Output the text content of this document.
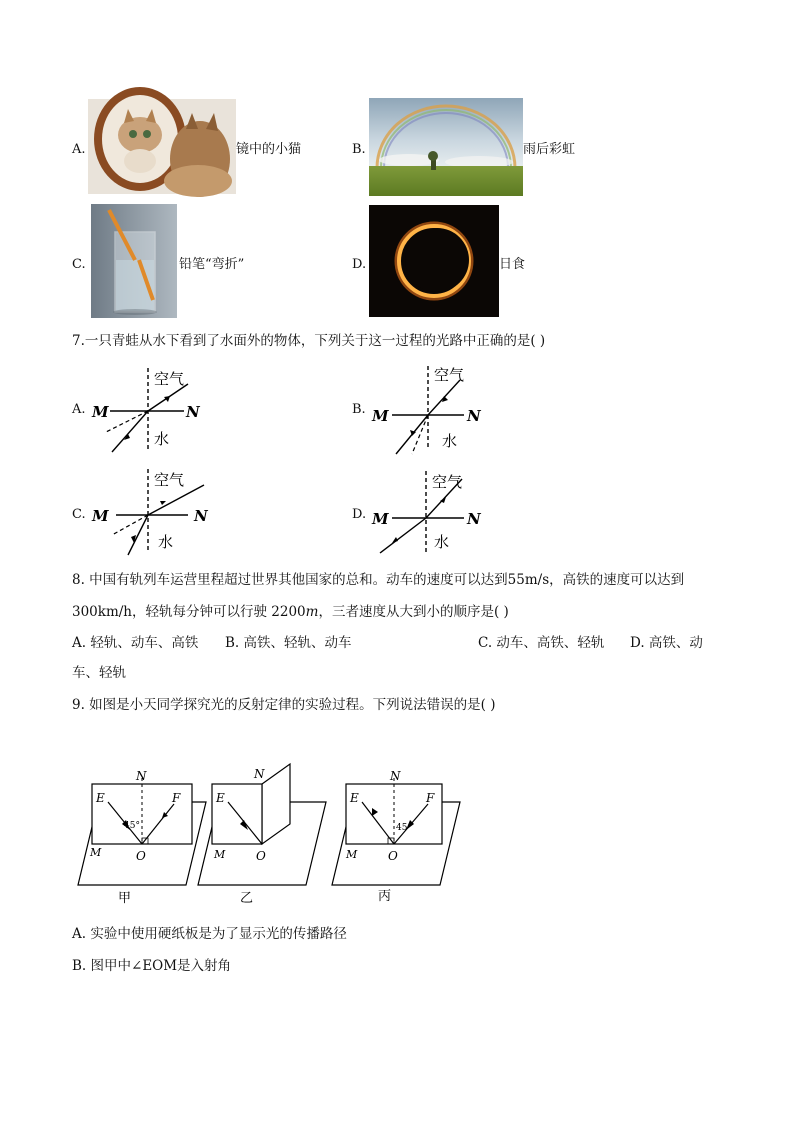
A.	镜中的小猫	B.	雨后彩虹
C.	铅笔“弯折”	D.	日食
7.一只青蛙从水下看到了水面外的物体，下列关于这一过程的光路中正确的是( )
A. M	N
空气
水
B. M	N
空气
水
C. M	N
空气
水
D. M	N
空气
水
8. 中国有轨列车运营里程超过世界其他国家的总和。动车的速度可以达到55m/s，高铁的速度可以达到
300km/h，轻轨每分钟可以行驶 2200m，三者速度从大到小的顺序是( )
A. 轻轨、动车、高铁 B. 高铁、轻轨、动车	C. 动车、高铁、轻轨 D. 高铁、动
车、轻轨
9. 如图是小天同学探究光的反射定律的实验过程。下列说法错误的是( )
N
E	F
45°
M	O
甲
N
E
M	O
乙
N
E	F
45°
M	O
丙
A. 实验中使用硬纸板是为了显示光的传播路径
B. 图甲中∠EOM是入射角
